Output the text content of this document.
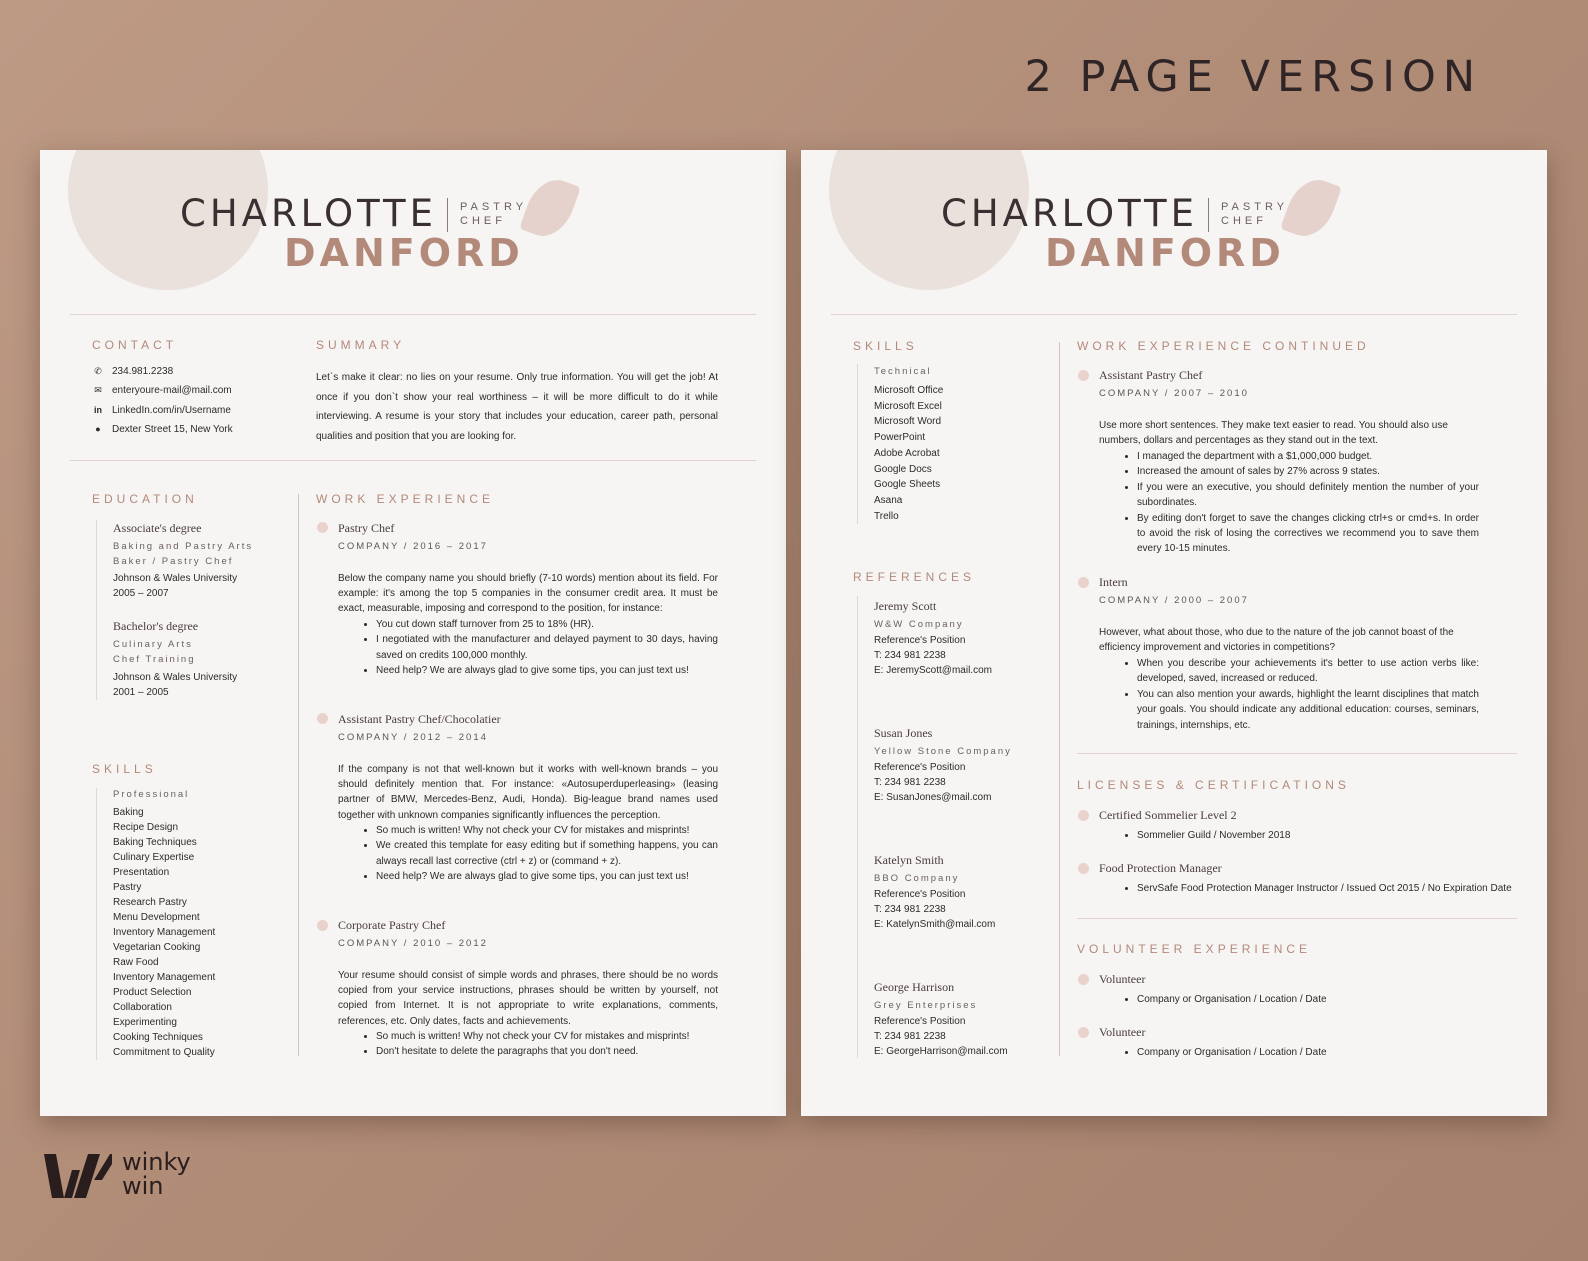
2 PAGE VERSION
CHARLOTTE PASTRY
CHEF
DANFORD
CONTACT
✆ 234.981.2238
✉ enteryoure-mail@mail.com
in LinkedIn.com/in/Username
● Dexter Street 15, New York
SUMMARY
Let`s make it clear: no lies on your resume. Only true information. You will get the job! At once if you don`t show your real worthiness – it will be more difficult to do it while interviewing. A resume is your story that includes your education, career path, personal qualities and position that you are looking for.
EDUCATION
Associate's degree
Baking and Pastry Arts
Baker / Pastry Chef
Johnson & Wales University
2005 – 2007
Bachelor's degree
Culinary Arts
Chef Training
Johnson & Wales University
2001 – 2005
SKILLS
Professional
Baking
Recipe Design
Baking Techniques
Culinary Expertise
Presentation
Pastry
Research Pastry
Menu Development
Inventory Management
Vegetarian Cooking
Raw Food
Inventory Management
Product Selection
Collaboration
Experimenting
Cooking Techniques
Commitment to Quality
WORK EXPERIENCE
Pastry Chef
COMPANY / 2016 – 2017
Below the company name you should briefly (7-10 words) mention about its field. For example: it's among the top 5 companies in the consumer credit area. It must be exact, measurable, imposing and correspond to the position, for instance:
• You cut down staff turnover from 25 to 18% (HR).
• I negotiated with the manufacturer and delayed payment to 30 days, having saved on credits 100,000 monthly.
• Need help? We are always glad to give some tips, you can just text us!
Assistant Pastry Chef/Chocolatier
COMPANY / 2012 – 2014
If the company is not that well-known but it works with well-known brands – you should definitely mention that. For instance: «Autosuperduperleasing» (leasing partner of BMW, Mercedes-Benz, Audi, Honda). Big-league brand names used together with unknown companies significantly influences the perception.
• So much is written! Why not check your CV for mistakes and misprints!
• We created this template for easy editing but if something happens, you can always recall last corrective (ctrl + z) or (command + z).
• Need help? We are always glad to give some tips, you can just text us!
Corporate Pastry Chef
COMPANY / 2010 – 2012
Your resume should consist of simple words and phrases, there should be no words copied from your service instructions, phrases should be written by yourself, not copied from Internet. It is not appropriate to write explanations, comments, references, etc. Only dates, facts and achievements.
• So much is written! Why not check your CV for mistakes and misprints!
• Don't hesitate to delete the paragraphs that you don't need.
CHARLOTTE PASTRY
CHEF
DANFORD
SKILLS
Technical
Microsoft Office
Microsoft Excel
Microsoft Word
PowerPoint
Adobe Acrobat
Google Docs
Google Sheets
Asana
Trello
REFERENCES
Jeremy Scott
W&W Company
Reference's Position
T: 234 981 2238
E: JeremyScott@mail.com
Susan Jones
Yellow Stone Company
Reference's Position
T: 234 981 2238
E: SusanJones@mail.com
Katelyn Smith
BBO Company
Reference's Position
T: 234 981 2238
E: KatelynSmith@mail.com
George Harrison
Grey Enterprises
Reference's Position
T: 234 981 2238
E: GeorgeHarrison@mail.com
WORK EXPERIENCE CONTINUED
Assistant Pastry Chef
COMPANY / 2007 – 2010
Use more short sentences. They make text easier to read. You should also use numbers, dollars and percentages as they stand out in the text.
• I managed the department with a $1,000,000 budget.
• Increased the amount of sales by 27% across 9 states.
• If you were an executive, you should definitely mention the number of your subordinates.
• By editing don't forget to save the changes clicking ctrl+s or cmd+s. In order to avoid the risk of losing the correctives we recommend you to save them every 10-15 minutes.
Intern
COMPANY / 2000 – 2007
However, what about those, who due to the nature of the job cannot boast of the efficiency improvement and victories in competitions?
• When you describe your achievements it's better to use action verbs like: developed, saved, increased or reduced.
• You can also mention your awards, highlight the learnt disciplines that match your goals. You should indicate any additional education: courses, seminars, trainings, internships, etc.
LICENSES & CERTIFICATIONS
Certified Sommelier Level 2
• Sommelier Guild / November 2018
Food Protection Manager
• ServSafe Food Protection Manager Instructor / Issued Oct 2015 / No Expiration Date
VOLUNTEER EXPERIENCE
Volunteer
• Company or Organisation / Location / Date
Volunteer
• Company or Organisation / Location / Date
winky
win
